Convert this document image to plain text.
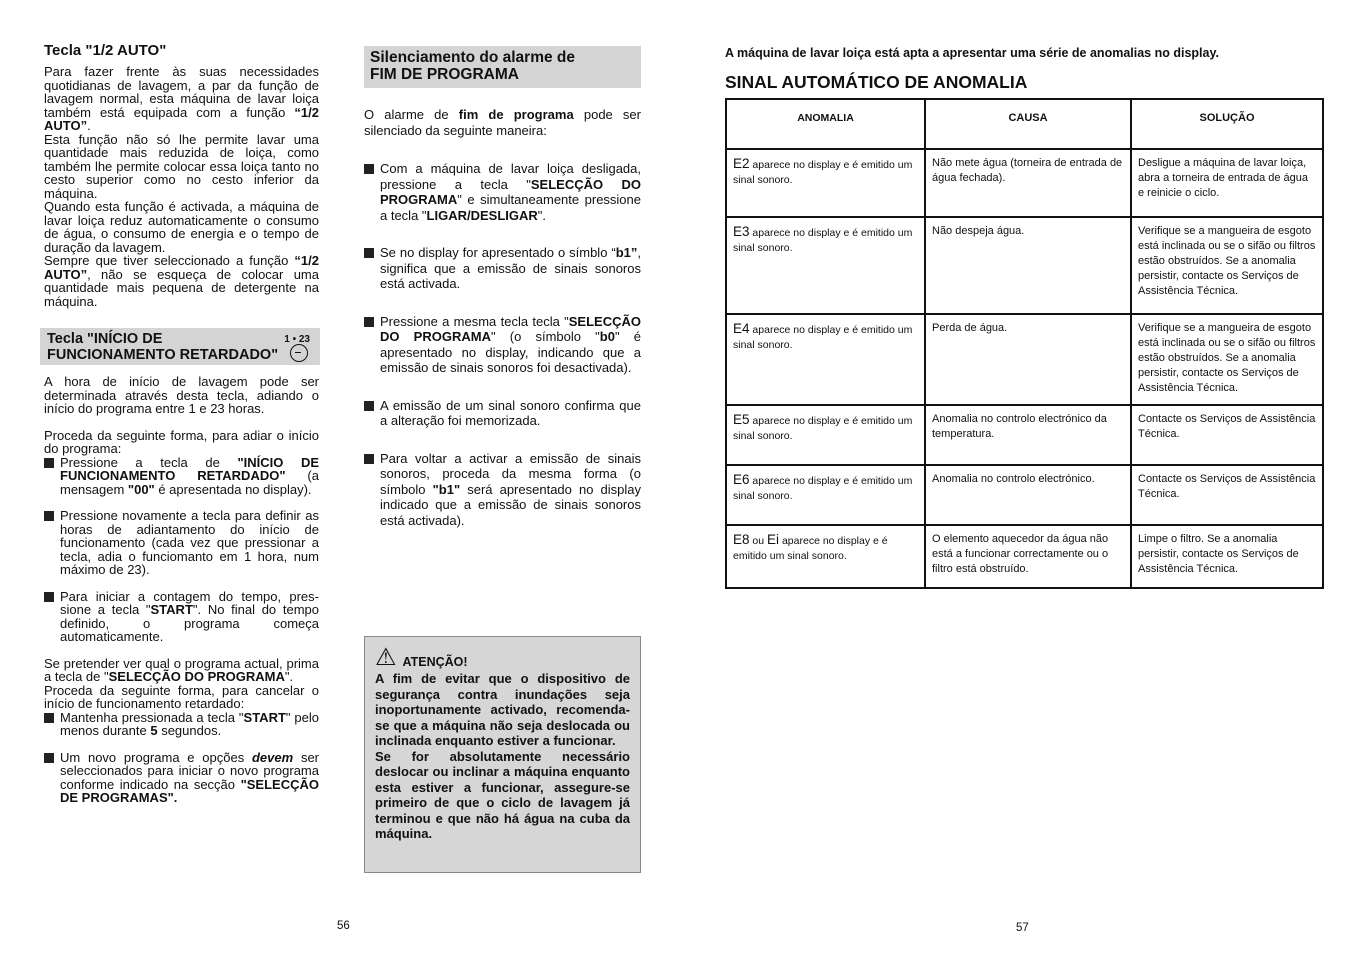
Tecla "1/2 AUTO"

Para fazer frente às suas necessidades quotidianas de lavagem, a par da função de lavagem normal, esta máquina de lavar loiça também está equipada com a função “1/2 AUTO”.
Esta função não só lhe permite lavar uma quantidade mais reduzida de loiça, como também lhe permite colocar essa loiça tanto no cesto superior como no cesto inferior da máquina.
Quando esta função é activada, a máquina de lavar loiça reduz automaticamente o consumo de água, o consumo de energia e o tempo de duração da lavagem.
Sempre que tiver seleccionado a função “1/2 AUTO”, não se esqueça de colocar uma quantidade mais pequena de detergente na máquina.

Tecla "INÍCIO DE
FUNCIONAMENTO RETARDADO"
1 • 23

A hora de início de lavagem pode ser determinada através desta tecla, adiando o início do programa entre 1 e 23 horas.

Proceda da seguinte forma, para adiar o início do programa:

Pressione a tecla de "INÍCIO DE FUNCIONAMENTO RETARDADO" (a mensagem "00" é apresentada no display).
Pressione novamente a tecla para definir as horas de adiantamento do início de funcionamento (cada vez que pressionar a tecla, adia o funciomanto em 1 hora, num máximo de 23).
Para iniciar a contagem do tempo, pres- sione a tecla "START". No final do tempo definido, o programa começa automaticamente.

Se pretender ver qual o programa actual, prima a tecla de "SELECÇÃO DO PROGRAMA".

Proceda da seguinte forma, para cancelar o início de funcionamento retardado:

Mantenha pressionada a tecla "START" pelo menos durante 5 segundos.
Um novo programa e opções devem ser seleccionados para iniciar o novo programa conforme indicado na secção "SELECÇÃO DE PROGRAMAS".
Silenciamento do alarme de
FIM DE PROGRAMA
O alarme de fim de programa pode ser silenciado da seguinte maneira:
Com a máquina de lavar loiça desligada, pressione a tecla "SELECÇÃO DO PROGRAMA" e simultaneamente pressione a tecla "LIGAR/DESLIGAR".
Se no display for apresentado o símblo “b1”, significa que a emissão de sinais sonoros está activada.
Pressione a mesma tecla tecla "SELECÇÃO DO PROGRAMA" (o símbolo "b0" é apresentado no display, indicando que a emissão de sinais sonoros foi desactivada).
A emissão de um sinal sonoro confirma que a alteração foi memorizada.
Para voltar a activar a emissão de sinais sonoros, proceda da mesma forma (o símbolo "b1" será apresentado no display indicado que a emissão de sinais sonoros está activada).
⚠ ATENÇÃO!
A fim de evitar que o dispositivo de segurança contra inundações seja inoportunamente activado, recomenda-se que a máquina não seja deslocada ou inclinada enquanto estiver a funcionar.
Se for absolutamente necessário deslocar ou inclinar a máquina enquanto esta estiver a funcionar, assegure-se primeiro de que o ciclo de lavagem já terminou e que não há água na cuba da máquina.
A máquina de lavar loiça está apta a apresentar uma série de anomalias no display.
SINAL AUTOMÁTICO DE ANOMALIA
ANOMALIA	CAUSA	SOLUÇÃO
E2 aparece no display e é emitido um sinal sonoro.	Não mete água (torneira de entrada de água fechada).	Desligue a máquina de lavar loiça, abra a torneira de entrada de água e reinicie o ciclo.
E3 aparece no display e é emitido um sinal sonoro.	Não despeja água.	Verifique se a mangueira de esgoto está inclinada ou se o sifão ou filtros estão obstruídos. Se a anomalia persistir, contacte os Serviços de Assistência Técnica.
E4 aparece no display e é emitido um sinal sonoro.	Perda de água.	Verifique se a mangueira de esgoto está inclinada ou se o sifão ou filtros estão obstruídos. Se a anomalia persistir, contacte os Serviços de Assistência Técnica.
E5 aparece no display e é emitido um sinal sonoro.	Anomalia no controlo electrónico da temperatura.	Contacte os Serviços de Assistência Técnica.
E6 aparece no display e é emitido um sinal sonoro.	Anomalia no controlo electrónico.	Contacte os Serviços de Assistência Técnica.
E8 ou Ei aparece no display e é emitido um sinal sonoro.	O elemento aquecedor da água não está a funcionar correctamente ou o filtro está obstruído.	Limpe o filtro. Se a anomalia persistir, contacte os Serviços de Assistência Técnica.
56	57
